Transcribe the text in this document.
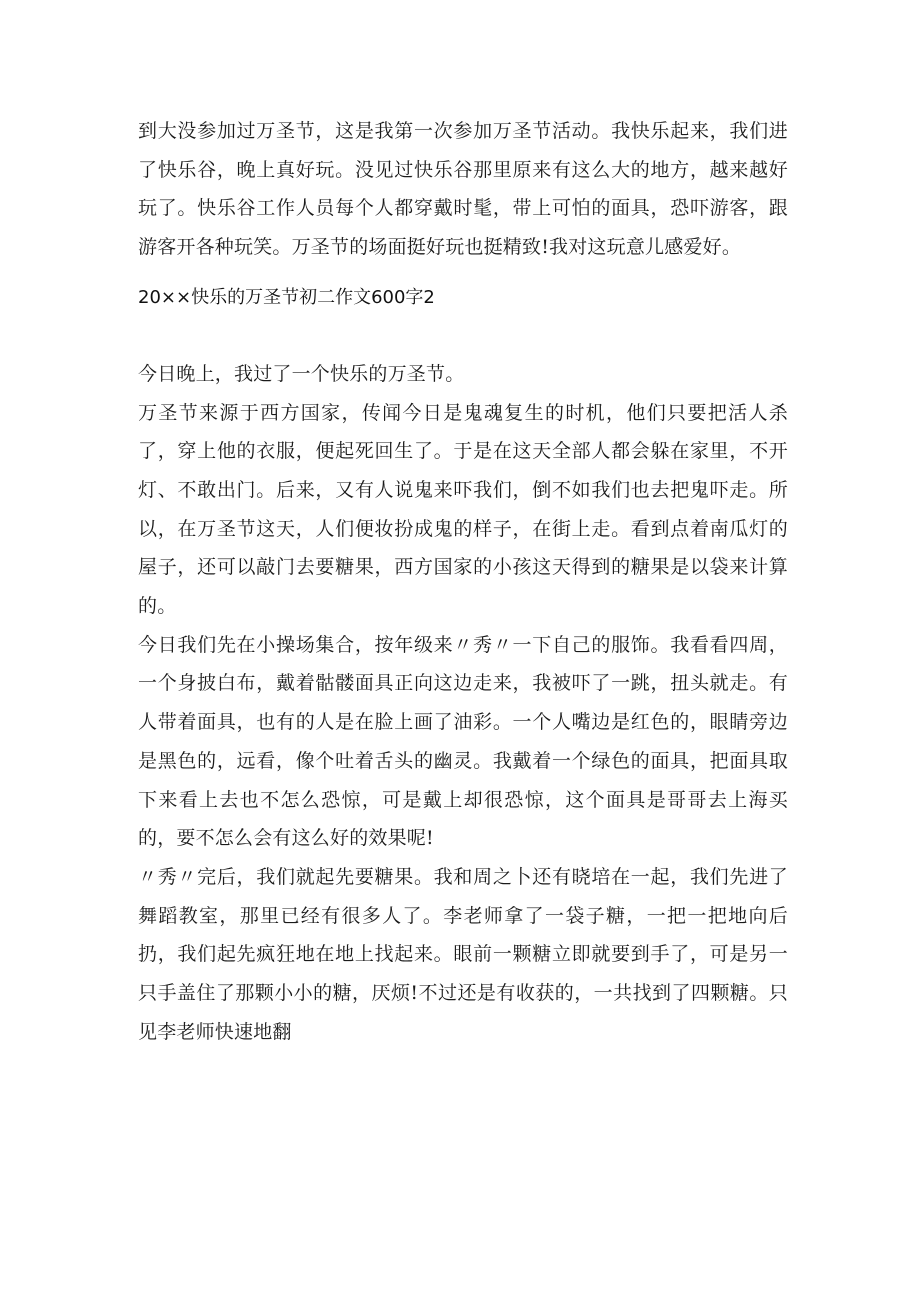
到大没参加过万圣节，这是我第一次参加万圣节活动。我快乐起来，我们进了快乐谷，晚上真好玩。没见过快乐谷那里原来有这么大的地方，越来越好玩了。快乐谷工作人员每个人都穿戴时髦，带上可怕的面具，恐吓游客，跟游客开各种玩笑。万圣节的场面挺好玩也挺精致!我对这玩意儿感爱好。

20××快乐的万圣节初二作文600字2

今日晚上，我过了一个快乐的万圣节。

万圣节来源于西方国家，传闻今日是鬼魂复生的时机，他们只要把活人杀了，穿上他的衣服，便起死回生了。于是在这天全部人都会躲在家里，不开灯、不敢出门。后来，又有人说鬼来吓我们，倒不如我们也去把鬼吓走。所以，在万圣节这天，人们便妆扮成鬼的样子，在街上走。看到点着南瓜灯的屋子，还可以敲门去要糖果，西方国家的小孩这天得到的糖果是以袋来计算的。

今日我们先在小操场集合，按年级来〃秀〃一下自己的服饰。我看看四周，一个身披白布，戴着骷髅面具正向这边走来，我被吓了一跳，扭头就走。有人带着面具，也有的人是在脸上画了油彩。一个人嘴边是红色的，眼睛旁边是黑色的，远看，像个吐着舌头的幽灵。我戴着一个绿色的面具，把面具取下来看上去也不怎么恐惊，可是戴上却很恐惊，这个面具是哥哥去上海买的，要不怎么会有这么好的效果呢!

〃秀〃完后，我们就起先要糖果。我和周之卜还有晓培在一起，我们先进了舞蹈教室，那里已经有很多人了。李老师拿了一袋子糖，一把一把地向后扔，我们起先疯狂地在地上找起来。眼前一颗糖立即就要到手了，可是另一只手盖住了那颗小小的糖，厌烦!不过还是有收获的，一共找到了四颗糖。只见李老师快速地翻
